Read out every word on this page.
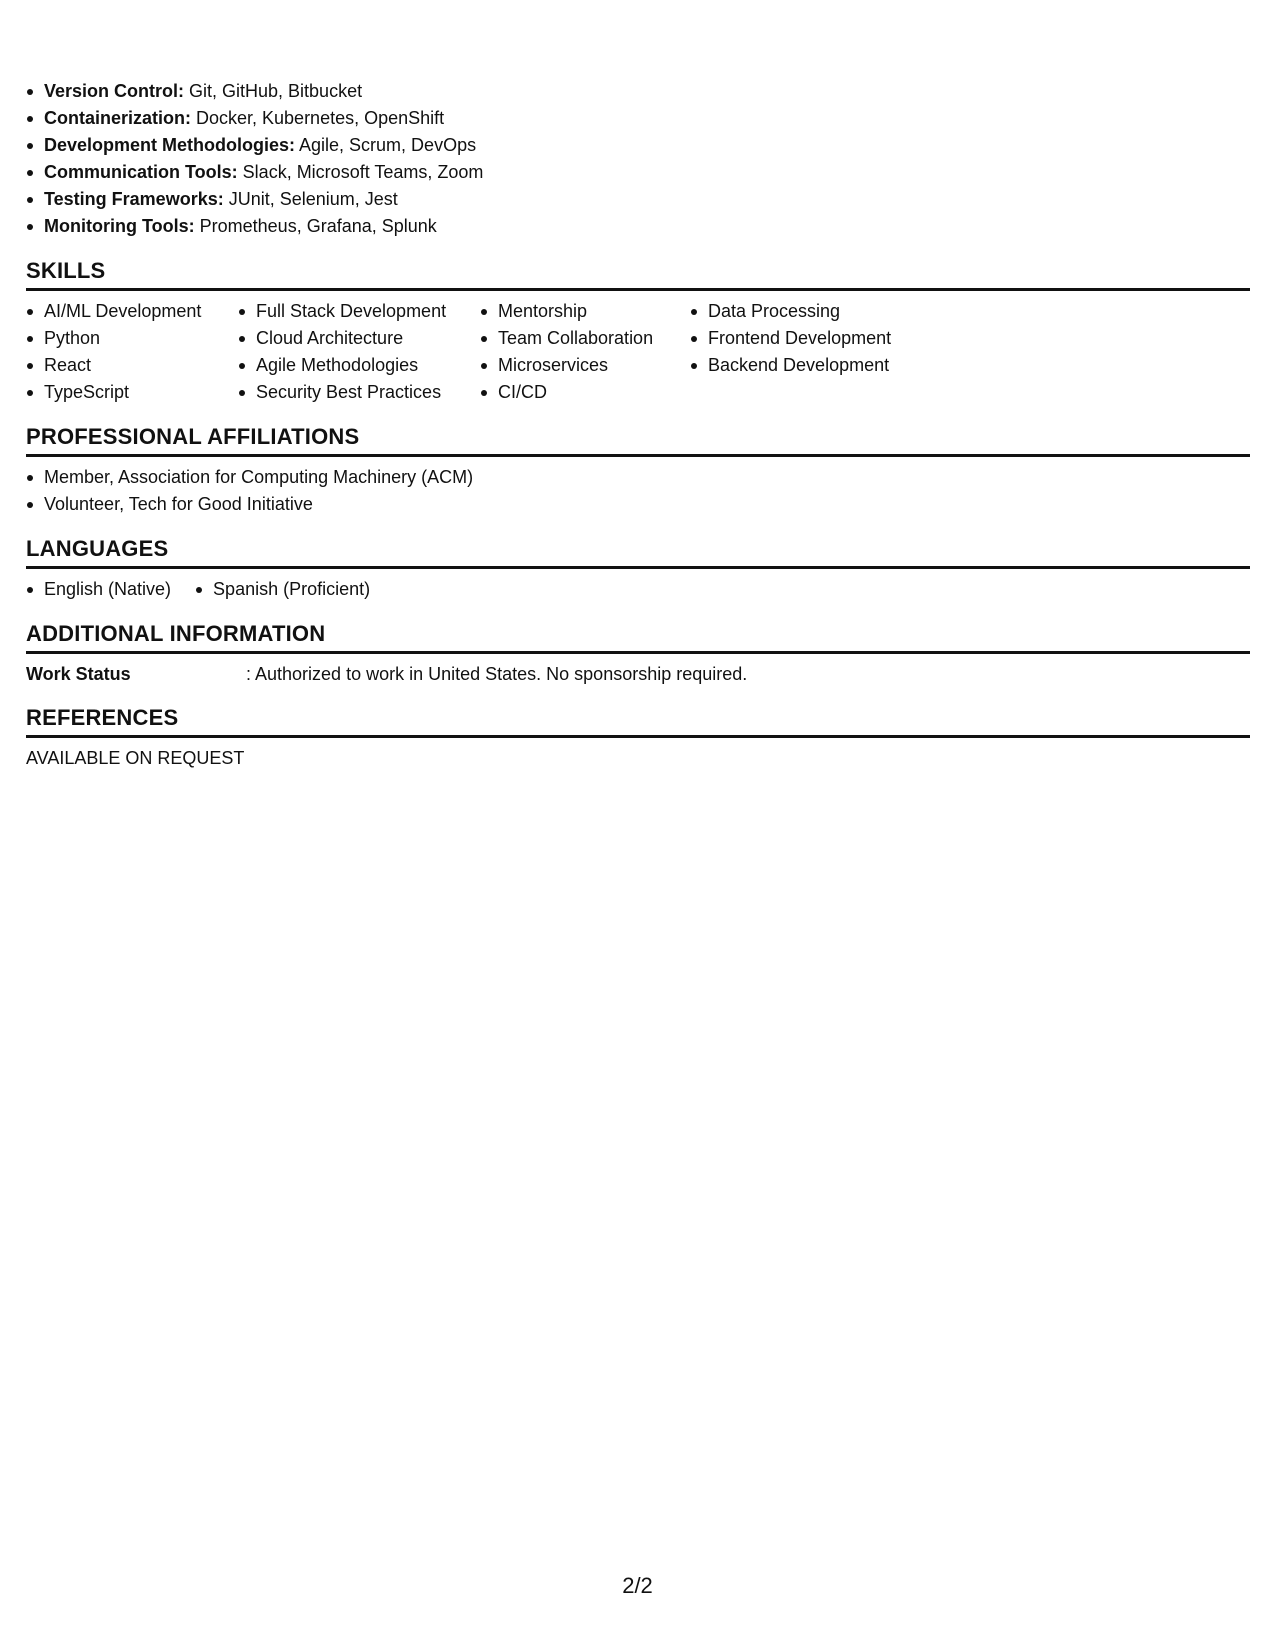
Version Control: Git, GitHub, Bitbucket
Containerization: Docker, Kubernetes, OpenShift
Development Methodologies: Agile, Scrum, DevOps
Communication Tools: Slack, Microsoft Teams, Zoom
Testing Frameworks: JUnit, Selenium, Jest
Monitoring Tools: Prometheus, Grafana, Splunk
SKILLS
AI/ML Development
Python
React
TypeScript
Full Stack Development
Cloud Architecture
Agile Methodologies
Security Best Practices
Mentorship
Team Collaboration
Microservices
CI/CD
Data Processing
Frontend Development
Backend Development
PROFESSIONAL AFFILIATIONS
Member, Association for Computing Machinery (ACM)
Volunteer, Tech for Good Initiative
LANGUAGES
English (Native)	Spanish (Proficient)
ADDITIONAL INFORMATION
Work Status	: Authorized to work in United States. No sponsorship required.
REFERENCES
AVAILABLE ON REQUEST
2/2
